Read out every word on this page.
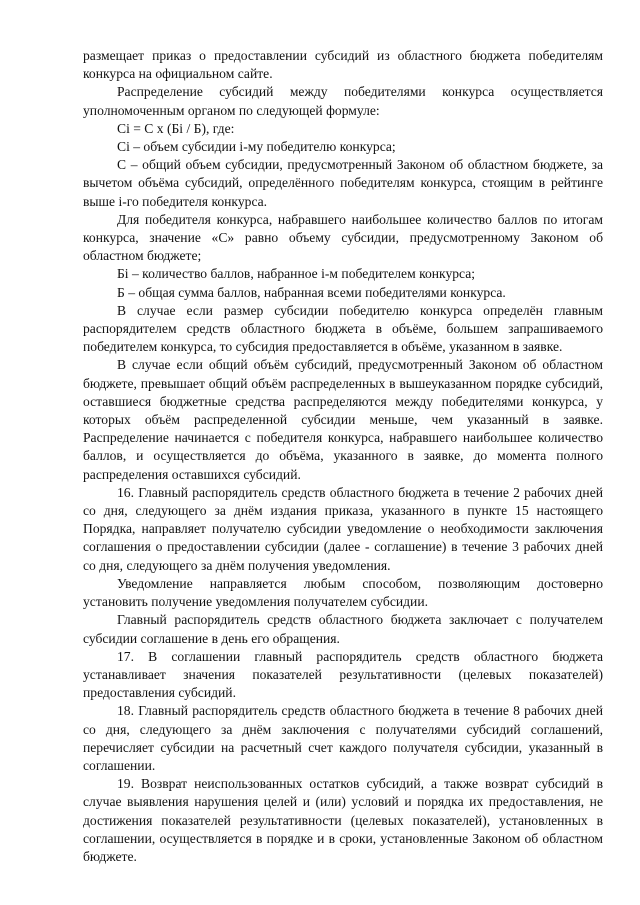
размещает приказ о предоставлении субсидий из областного бюджета победителям конкурса на официальном сайте.

Распределение субсидий между победителями конкурса осуществляется уполномоченным органом по следующей формуле:

Сi = С х (Бi / Б), где:

Сi – объем субсидии i-му победителю конкурса;

С – общий объем субсидии, предусмотренный Законом об областном бюджете, за вычетом объёма субсидий, определённого победителям конкурса, стоящим в рейтинге выше i-го победителя конкурса.

Для победителя конкурса, набравшего наибольшее количество баллов по итогам конкурса, значение «С» равно объему субсидии, предусмотренному Законом об областном бюджете;

Бi – количество баллов, набранное i-м победителем конкурса;

Б – общая сумма баллов, набранная всеми победителями конкурса.

В случае если размер субсидии победителю конкурса определён главным распорядителем средств областного бюджета в объёме, большем запрашиваемого победителем конкурса, то субсидия предоставляется в объёме, указанном в заявке.

В случае если общий объём субсидий, предусмотренный Законом об областном бюджете, превышает общий объём распределенных в вышеуказанном порядке субсидий, оставшиеся бюджетные средства распределяются между победителями конкурса, у которых объём распределенной субсидии меньше, чем указанный в заявке. Распределение начинается с победителя конкурса, набравшего наибольшее количество баллов, и осуществляется до объёма, указанного в заявке, до момента полного распределения оставшихся субсидий.

16. Главный распорядитель средств областного бюджета в течение 2 рабочих дней со дня, следующего за днём издания приказа, указанного в пункте 15 настоящего Порядка, направляет получателю субсидии уведомление о необходимости заключения соглашения о предоставлении субсидии (далее - соглашение) в течение 3 рабочих дней со дня, следующего за днём получения уведомления.

Уведомление направляется любым способом, позволяющим достоверно установить получение уведомления получателем субсидии.

Главный распорядитель средств областного бюджета заключает с получателем субсидии соглашение в день его обращения.

17. В соглашении главный распорядитель средств областного бюджета устанавливает значения показателей результативности (целевых показателей) предоставления субсидий.

18. Главный распорядитель средств областного бюджета в течение 8 рабочих дней со дня, следующего за днём заключения с получателями субсидий соглашений, перечисляет субсидии на расчетный счет каждого получателя субсидии, указанный в соглашении.

19. Возврат неиспользованных остатков субсидий, а также возврат субсидий в случае выявления нарушения целей и (или) условий и порядка их предоставления, не достижения показателей результативности (целевых показателей), установленных в соглашении, осуществляется в порядке и в сроки, установленные Законом об областном бюджете.
